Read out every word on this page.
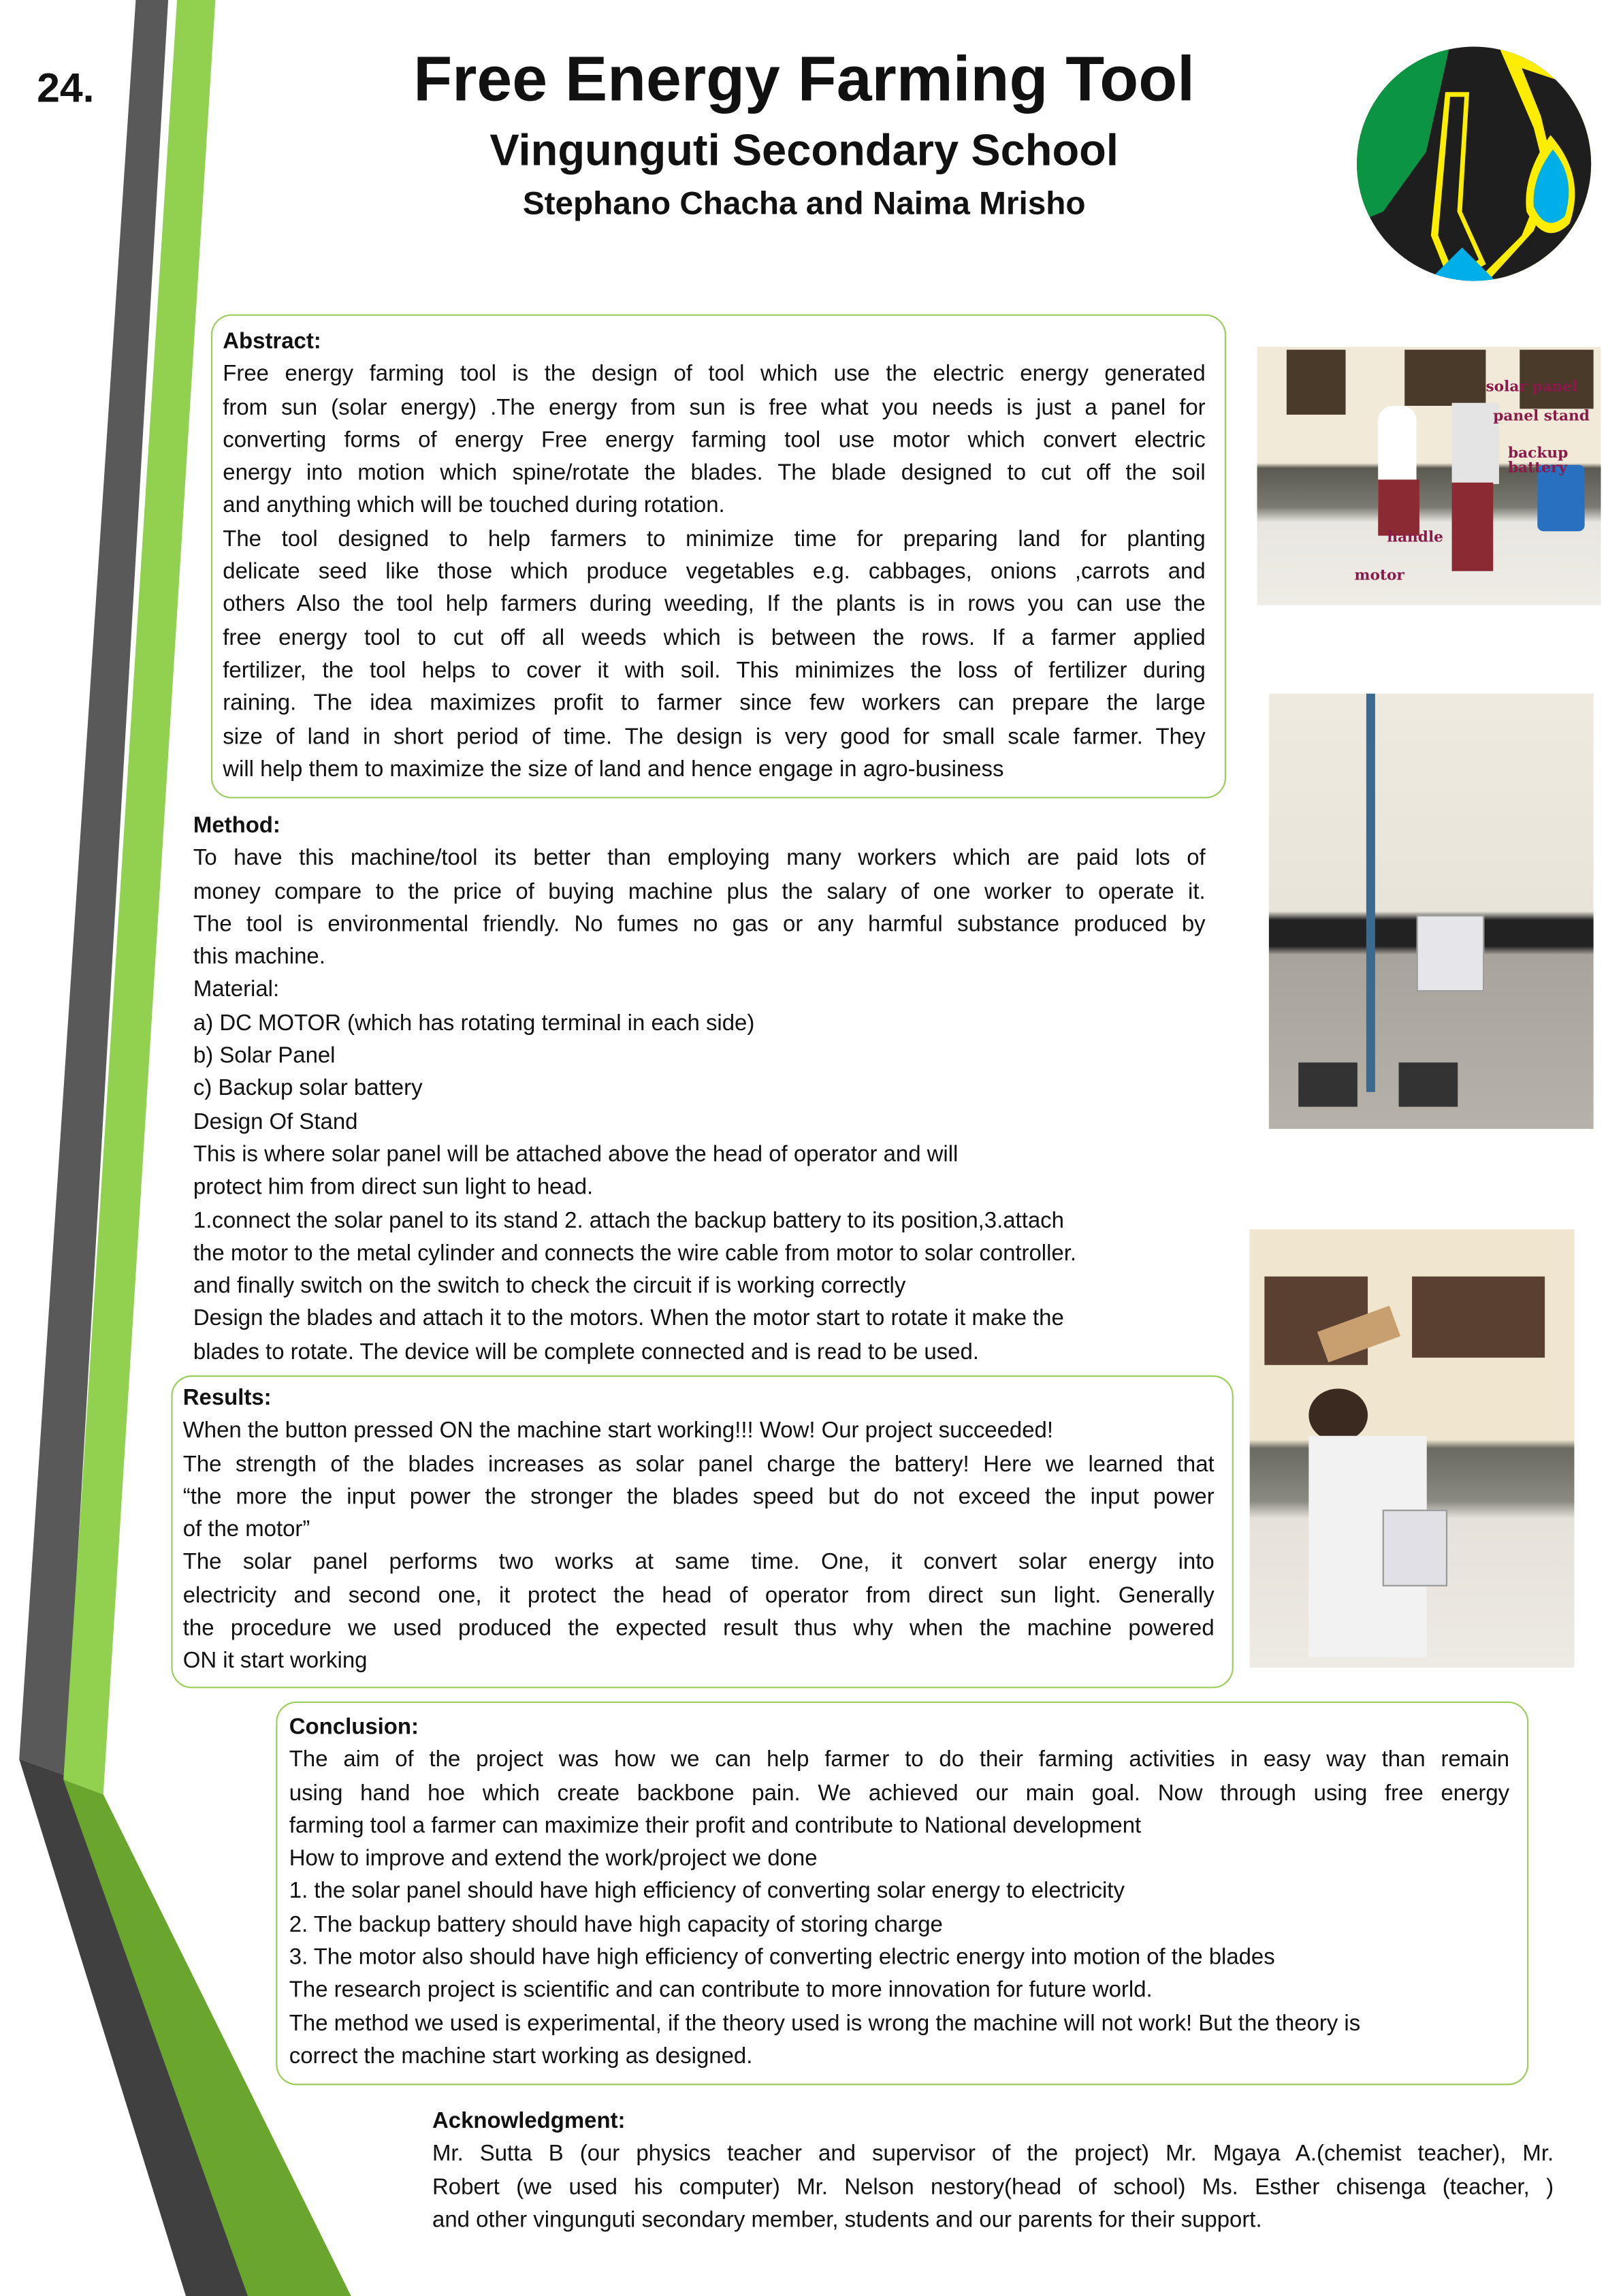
24.	Free Energy Farming Tool
Vingunguti Secondary School
Stephano Chacha and Naima Mrisho
solar panel
panel stand
backup battery
handle
motor
Abstract:
Free energy farming tool is the design of tool which use the electric energy generated
from sun (solar energy) .The energy from sun is free what you needs is just a panel for
converting forms of energy Free energy farming tool use motor which convert electric
energy into motion which spine/rotate the blades. The blade designed to cut off the soil
and anything which will be touched during rotation.
The tool designed to help farmers to minimize time for preparing land for planting
delicate seed like those which produce vegetables e.g. cabbages, onions ,carrots and
others Also the tool help farmers during weeding, If the plants is in rows you can use the
free energy tool to cut off all weeds which is between the rows. If a farmer applied
fertilizer, the tool helps to cover it with soil. This minimizes the loss of fertilizer during
raining. The idea maximizes profit to farmer since few workers can prepare the large
size of land in short period of time. The design is very good for small scale farmer. They
will help them to maximize the size of land and hence engage in agro-business
Method:
To have this machine/tool its better than employing many workers which are paid lots of
money compare to the price of buying machine plus the salary of one worker to operate it.
The tool is environmental friendly. No fumes no gas or any harmful substance produced by
this machine.
Material:
a) DC MOTOR (which has rotating terminal in each side)
b) Solar Panel
c) Backup solar battery
Design Of Stand
This is where solar panel will be attached above the head of operator and will
protect him from direct sun light to head.
1.connect the solar panel to its stand 2. attach the backup battery to its position,3.attach
the motor to the metal cylinder and connects the wire cable from motor to solar controller.
and finally switch on the switch to check the circuit if is working correctly
Design the blades and attach it to the motors. When the motor start to rotate it make the
blades to rotate. The device will be complete connected and is read to be used.
Results:
When the button pressed ON the machine start working!!! Wow! Our project succeeded!
The strength of the blades increases as solar panel charge the battery! Here we learned that
“the more the input power the stronger the blades speed but do not exceed the input power
of the motor”
The solar panel performs two works at same time. One, it convert solar energy into
electricity and second one, it protect the head of operator from direct sun light. Generally
the procedure we used produced the expected result thus why when the machine powered
ON it start working
Conclusion:
The aim of the project was how we can help farmer to do their farming activities in easy way than remain
using hand hoe which create backbone pain. We achieved our main goal. Now through using free energy
farming tool a farmer can maximize their profit and contribute to National development
How to improve and extend the work/project we done
1. the solar panel should have high efficiency of converting solar energy to electricity
2. The backup battery should have high capacity of storing charge
3. The motor also should have high efficiency of converting electric energy into motion of the blades
The research project is scientific and can contribute to more innovation for future world.
The method we used is experimental, if the theory used is wrong the machine will not work! But the theory is
correct the machine start working as designed.
Acknowledgment:
Mr. Sutta B (our physics teacher and supervisor of the project) Mr. Mgaya A.(chemist teacher), Mr.
Robert (we used his computer) Mr. Nelson nestory(head of school) Ms. Esther chisenga (teacher, )
and other vingunguti secondary member, students and our parents for their support.
